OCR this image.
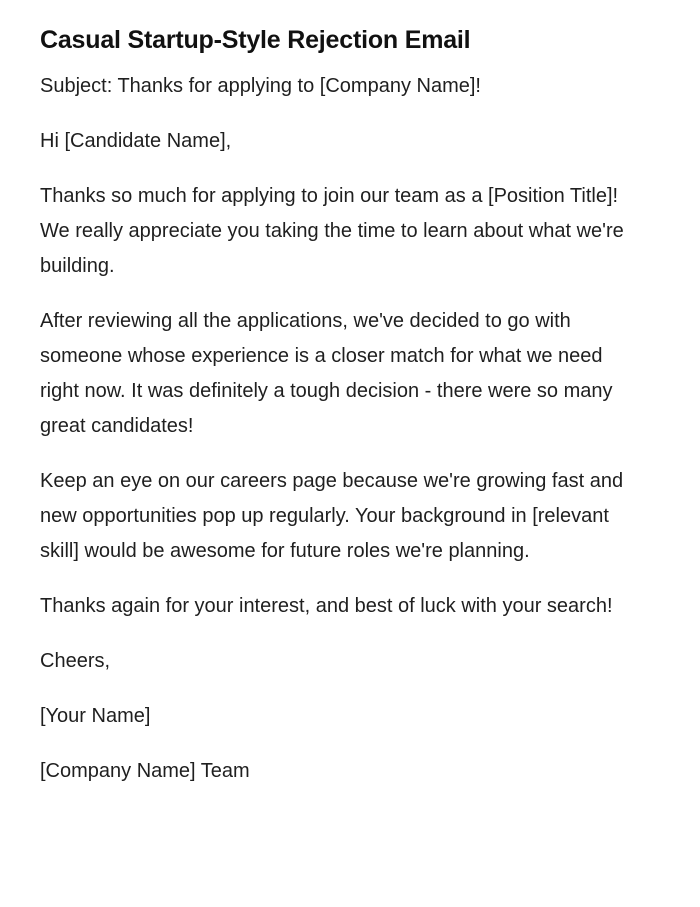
Casual Startup-Style Rejection Email

Subject: Thanks for applying to [Company Name]!

Hi [Candidate Name],

Thanks so much for applying to join our team as a [Position Title]! We really appreciate you taking the time to learn about what we're building.

After reviewing all the applications, we've decided to go with someone whose experience is a closer match for what we need right now. It was definitely a tough decision - there were so many great candidates!

Keep an eye on our careers page because we're growing fast and new opportunities pop up regularly. Your background in [relevant skill] would be awesome for future roles we're planning.

Thanks again for your interest, and best of luck with your search!

Cheers,

[Your Name]

[Company Name] Team
